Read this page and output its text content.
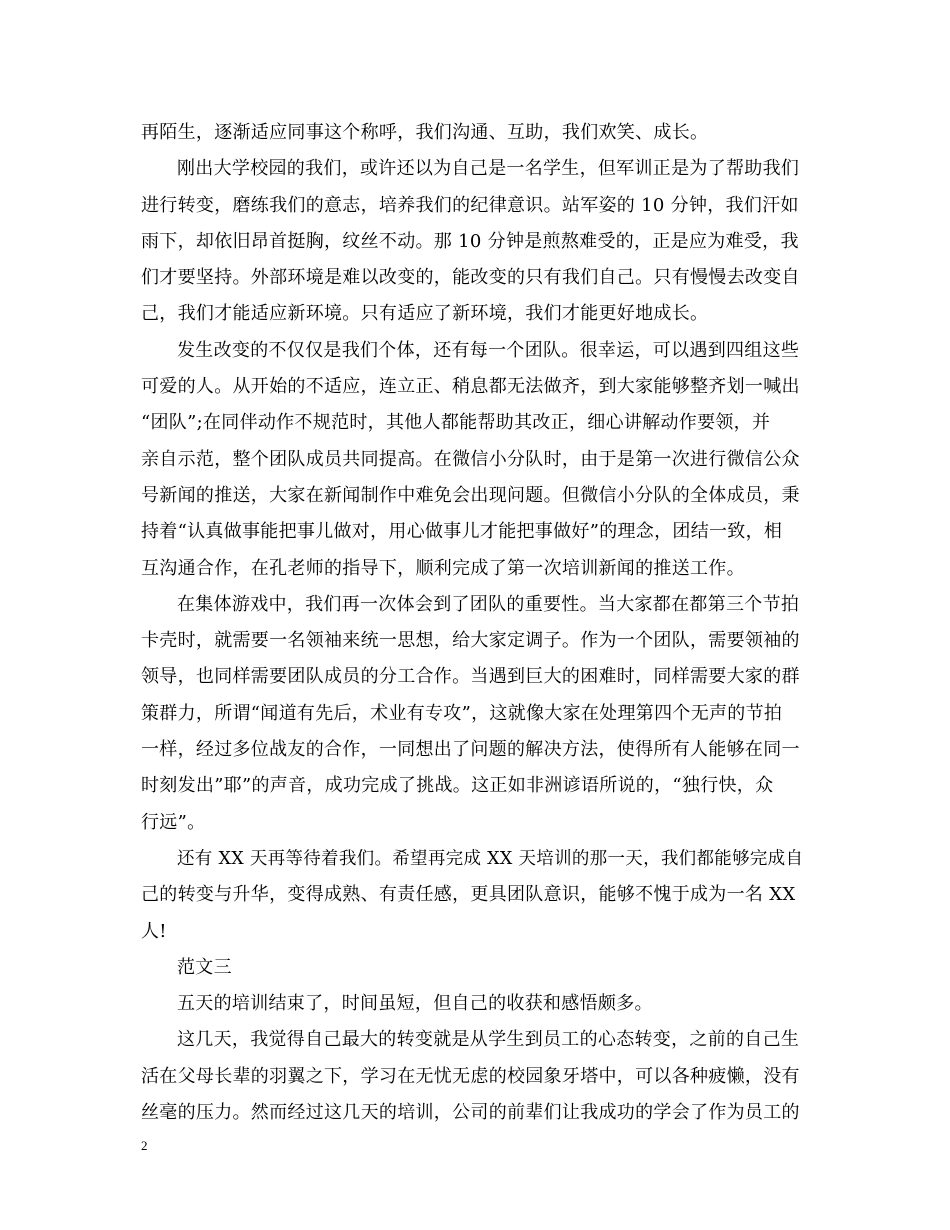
再陌生，逐渐适应同事这个称呼，我们沟通、互助，我们欢笑、成长。
刚出大学校园的我们，或许还以为自己是一名学生，但军训正是为了帮助我们
进行转变，磨练我们的意志，培养我们的纪律意识。站军姿的 10 分钟，我们汗如
雨下，却依旧昂首挺胸，纹丝不动。那 10 分钟是煎熬难受的，正是应为难受，我
们才要坚持。外部环境是难以改变的，能改变的只有我们自己。只有慢慢去改变自
己，我们才能适应新环境。只有适应了新环境，我们才能更好地成长。
发生改变的不仅仅是我们个体，还有每一个团队。很幸运，可以遇到四组这些
可爱的人。从开始的不适应，连立正、稍息都无法做齐，到大家能够整齐划一喊出
“团队”;在同伴动作不规范时，其他人都能帮助其改正，细心讲解动作要领，并
亲自示范，整个团队成员共同提高。在微信小分队时，由于是第一次进行微信公众
号新闻的推送，大家在新闻制作中难免会出现问题。但微信小分队的全体成员，秉
持着“认真做事能把事儿做对，用心做事儿才能把事做好”的理念，团结一致，相
互沟通合作，在孔老师的指导下，顺利完成了第一次培训新闻的推送工作。
在集体游戏中，我们再一次体会到了团队的重要性。当大家都在都第三个节拍
卡壳时，就需要一名领袖来统一思想，给大家定调子。作为一个团队，需要领袖的
领导，也同样需要团队成员的分工合作。当遇到巨大的困难时，同样需要大家的群
策群力，所谓“闻道有先后，术业有专攻”，这就像大家在处理第四个无声的节拍
一样，经过多位战友的合作，一同想出了问题的解决方法，使得所有人能够在同一
时刻发出”耶”的声音，成功完成了挑战。这正如非洲谚语所说的，“独行快，众
行远”。
还有 XX 天再等待着我们。希望再完成 XX 天培训的那一天，我们都能够完成自
己的转变与升华，变得成熟、有责任感，更具团队意识，能够不愧于成为一名 XX
人!
范文三
五天的培训结束了，时间虽短，但自己的收获和感悟颇多。
这几天，我觉得自己最大的转变就是从学生到员工的心态转变，之前的自己生
活在父母长辈的羽翼之下，学习在无忧无虑的校园象牙塔中，可以各种疲懒，没有
丝毫的压力。然而经过这几天的培训，公司的前辈们让我成功的学会了作为员工的
2
